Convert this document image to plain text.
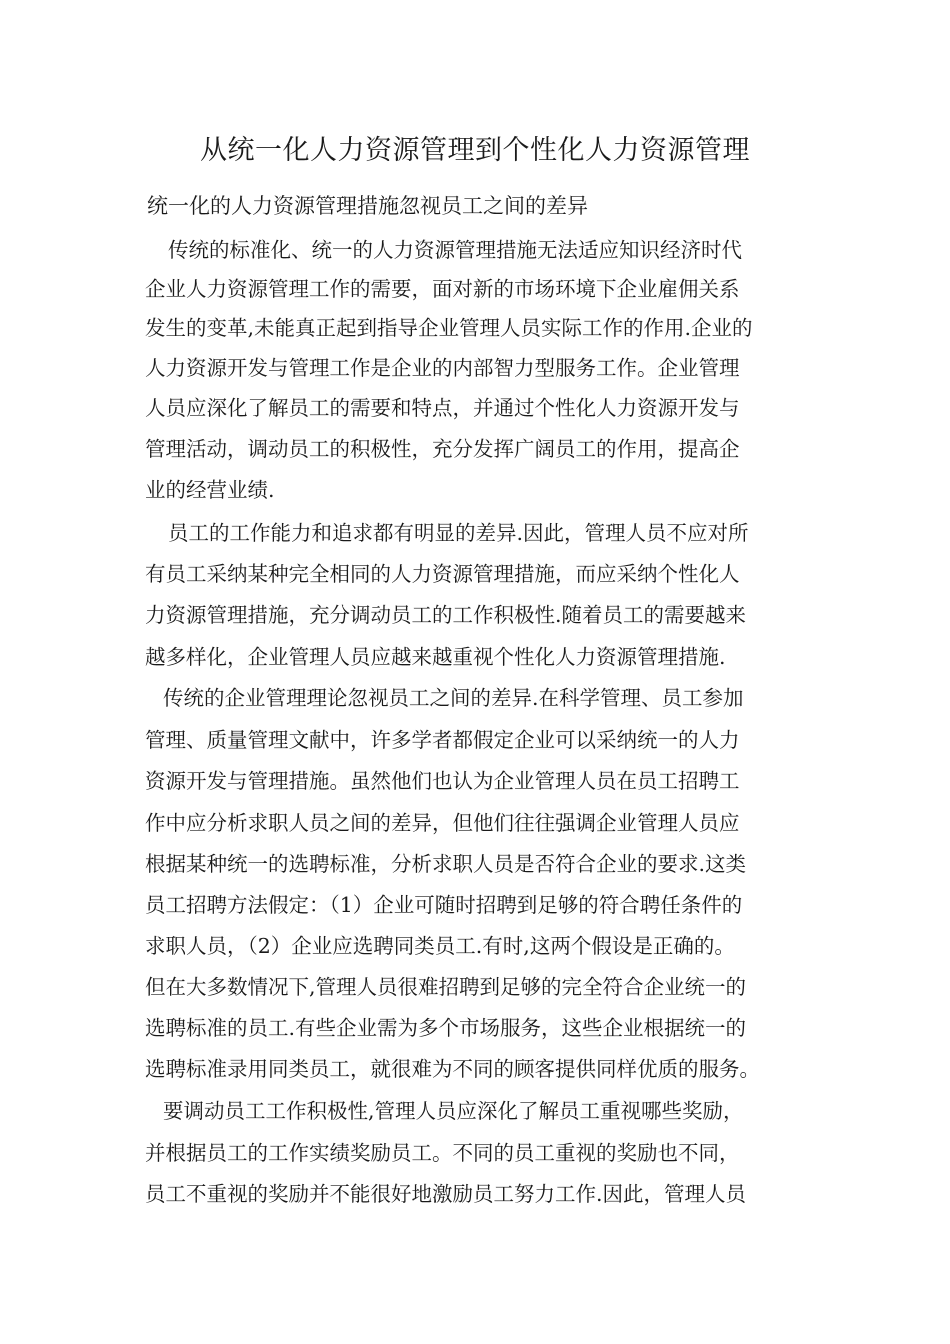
从统一化人力资源管理到个性化人力资源管理

统一化的人力资源管理措施忽视员工之间的差异

传统的标准化、统一的人力资源管理措施无法适应知识经济时代

企业人力资源管理工作的需要，面对新的市场环境下企业雇佣关系

发生的变革,未能真正起到指导企业管理人员实际工作的作用.企业的

人力资源开发与管理工作是企业的内部智力型服务工作。企业管理

人员应深化了解员工的需要和特点，并通过个性化人力资源开发与

管理活动，调动员工的积极性，充分发挥广阔员工的作用，提高企

业的经营业绩.

员工的工作能力和追求都有明显的差异.因此，管理人员不应对所

有员工采纳某种完全相同的人力资源管理措施，而应采纳个性化人

力资源管理措施，充分调动员工的工作积极性.随着员工的需要越来

越多样化，企业管理人员应越来越重视个性化人力资源管理措施.

传统的企业管理理论忽视员工之间的差异.在科学管理、员工参加

管理、质量管理文献中，许多学者都假定企业可以采纳统一的人力

资源开发与管理措施。虽然他们也认为企业管理人员在员工招聘工

作中应分析求职人员之间的差异，但他们往往强调企业管理人员应

根据某种统一的选聘标准，分析求职人员是否符合企业的要求.这类

员工招聘方法假定：（1）企业可随时招聘到足够的符合聘任条件的

求职人员，（2）企业应选聘同类员工.有时,这两个假设是正确的。

但在大多数情况下,管理人员很难招聘到足够的完全符合企业统一的

选聘标准的员工.有些企业需为多个市场服务，这些企业根据统一的

选聘标准录用同类员工，就很难为不同的顾客提供同样优质的服务。

要调动员工工作积极性,管理人员应深化了解员工重视哪些奖励，

并根据员工的工作实绩奖励员工。不同的员工重视的奖励也不同，

员工不重视的奖励并不能很好地激励员工努力工作.因此，管理人员
